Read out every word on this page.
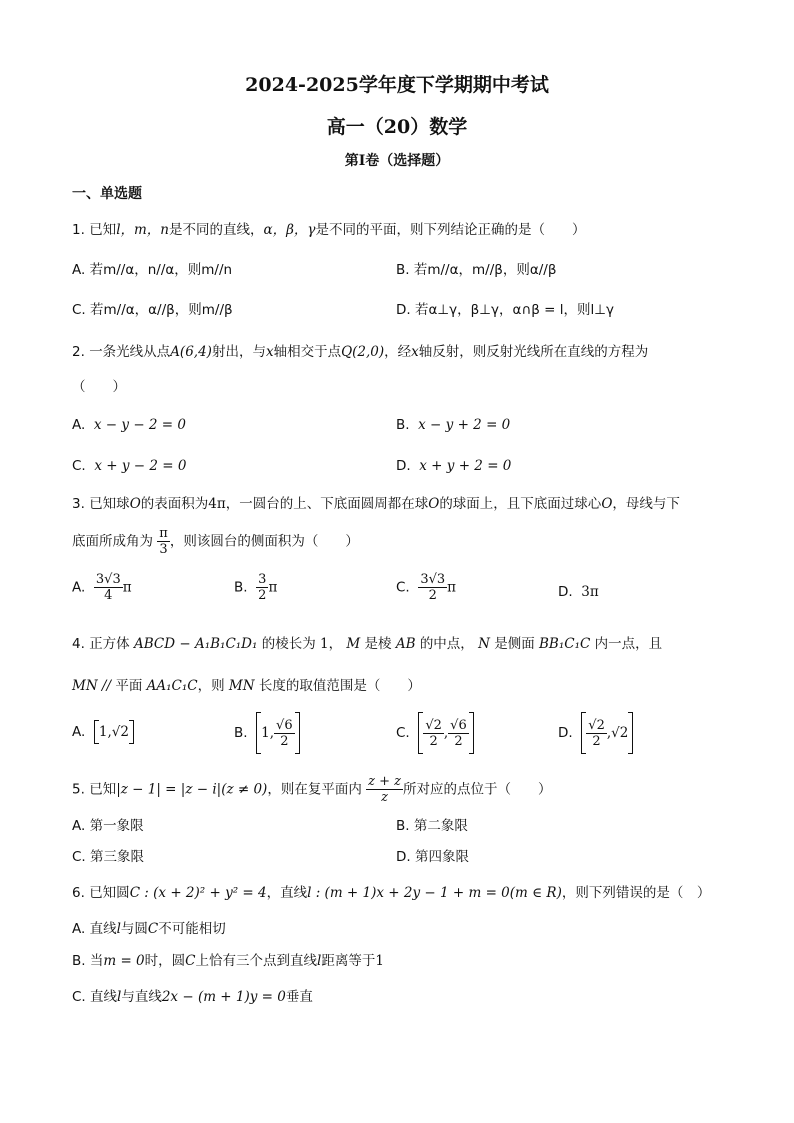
2024-2025学年度下学期期中考试
高一（20）数学
第Ⅰ卷（选择题）
一、单选题
1. 已知l，m，n是不同的直线，α，β，γ是不同的平面，则下列结论正确的是（　　）
A. 若m//α，n//α，则m//n	B. 若m//α，m//β，则α//β
C. 若m//α，α//β，则m//β	D. 若α⊥γ，β⊥γ，α∩β = l，则l⊥γ
2. 一条光线从点A(6,4)射出，与x轴相交于点Q(2,0)，经x轴反射，则反射光线所在直线的方程为
（　　）
A. x − y − 2 = 0	B. x − y + 2 = 0
C. x + y − 2 = 0	D. x + y + 2 = 0
3. 已知球O的表面积为4π，一圆台的上、下底面圆周都在球O的球面上，且下底面过球心O，母线与下
底面所成角为 $\frac{\pi}{3}$ ，则该圆台的侧面积为（　　）
A. $\frac{3√3}{4}$ π	B. $\frac{3}{2}$ π	C. $\frac{3√3}{2}$ π	D. 3π
4. 正方体 ABCD − A₁B₁C₁D₁ 的棱长为 1， M 是棱 AB 的中点， N 是侧面 BB₁C₁C 内一点，且
MN // 平面 AA₁C₁C，则 MN 长度的取值范围是（　　）
A. 1,√2	B. 1, $\frac{√6}{2}$	C. $\frac{√2}{2}$ , $\frac{√6}{2}$	D. $\frac{√2}{2} ,√2$
5. 已知|z − 1| = |z − i|(z ≠ 0)，则在复平面内 $\frac{z + z}{z}$ 所对应的点位于（　　）
A. 第一象限	B. 第二象限
C. 第三象限	D. 第四象限
6. 已知圆C : (x + 2)² + y² = 4，直线l : (m + 1)x + 2y − 1 + m = 0(m ∈ R)，则下列错误的是（　）
A. 直线l与圆C不可能相切
B. 当m = 0时，圆C上恰有三个点到直线l距离等于1
C. 直线l与直线2x − (m + 1)y = 0垂直
